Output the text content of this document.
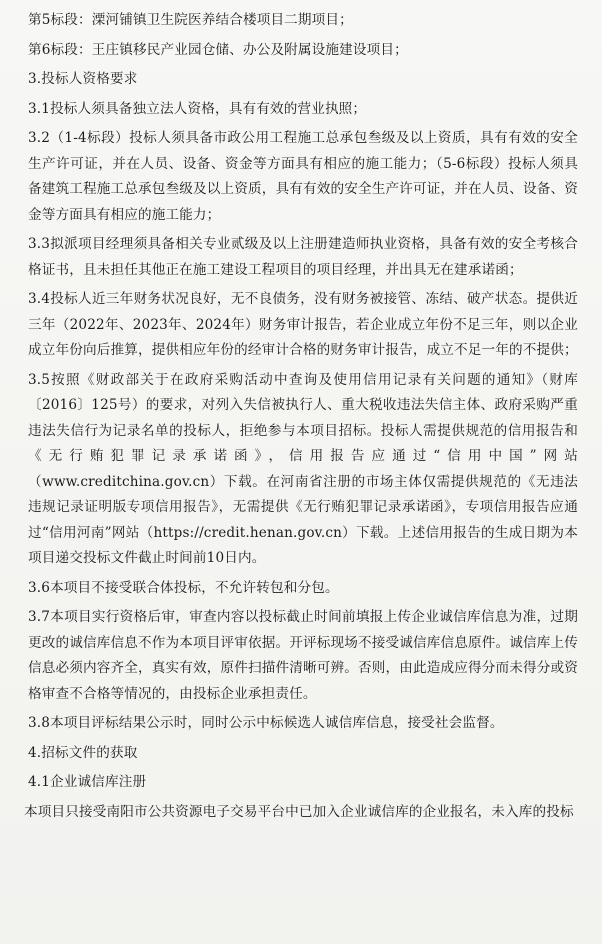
第5标段：溧河铺镇卫生院医养结合楼项目二期项目；

第6标段：王庄镇移民产业园仓储、办公及附属设施建设项目；

3.投标人资格要求

3.1投标人须具备独立法人资格，具有有效的营业执照；

3.2（1-4标段）投标人须具备市政公用工程施工总承包叁级及以上资质，具有有效的安全生产许可证，并在人员、设备、资金等方面具有相应的施工能力；（5-6标段）投标人须具备建筑工程施工总承包叁级及以上资质，具有有效的安全生产许可证，并在人员、设备、资金等方面具有相应的施工能力；

3.3拟派项目经理须具备相关专业贰级及以上注册建造师执业资格，具备有效的安全考核合格证书，且未担任其他正在施工建设工程项目的项目经理，并出具无在建承诺函；

3.4投标人近三年财务状况良好，无不良债务，没有财务被接管、冻结、破产状态。提供近三年（2022年、2023年、2024年）财务审计报告，若企业成立年份不足三年，则以企业成立年份向后推算，提供相应年份的经审计合格的财务审计报告，成立不足一年的不提供；

3.5按照《财政部关于在政府采购活动中查询及使用信用记录有关问题的通知》（财库〔2016〕125号）的要求，对列入失信被执行人、重大税收违法失信主体、政府采购严重违法失信行为记录名单的投标人，拒绝参与本项目招标。投标人需提供规范的信用报告和《无行贿犯罪记录承诺函》，信用报告应通过“信用中国”网站（www.creditchina.gov.cn）下载。在河南省注册的市场主体仅需提供规范的《无违法违规记录证明版专项信用报告》，无需提供《无行贿犯罪记录承诺函》，专项信用报告应通过“信用河南”网站（https://credit.henan.gov.cn）下载。上述信用报告的生成日期为本项目递交投标文件截止时间前10日内。

3.6本项目不接受联合体投标，不允许转包和分包。

3.7本项目实行资格后审，审查内容以投标截止时间前填报上传企业诚信库信息为准，过期更改的诚信库信息不作为本项目评审依据。开评标现场不接受诚信库信息原件。诚信库上传信息必须内容齐全，真实有效，原件扫描件清晰可辨。否则，由此造成应得分而未得分或资格审查不合格等情况的，由投标企业承担责任。

3.8本项目评标结果公示时，同时公示中标候选人诚信库信息，接受社会监督。

4.招标文件的获取

4.1企业诚信库注册

本项目只接受南阳市公共资源电子交易平台中已加入企业诚信库的企业报名，未入库的投标
